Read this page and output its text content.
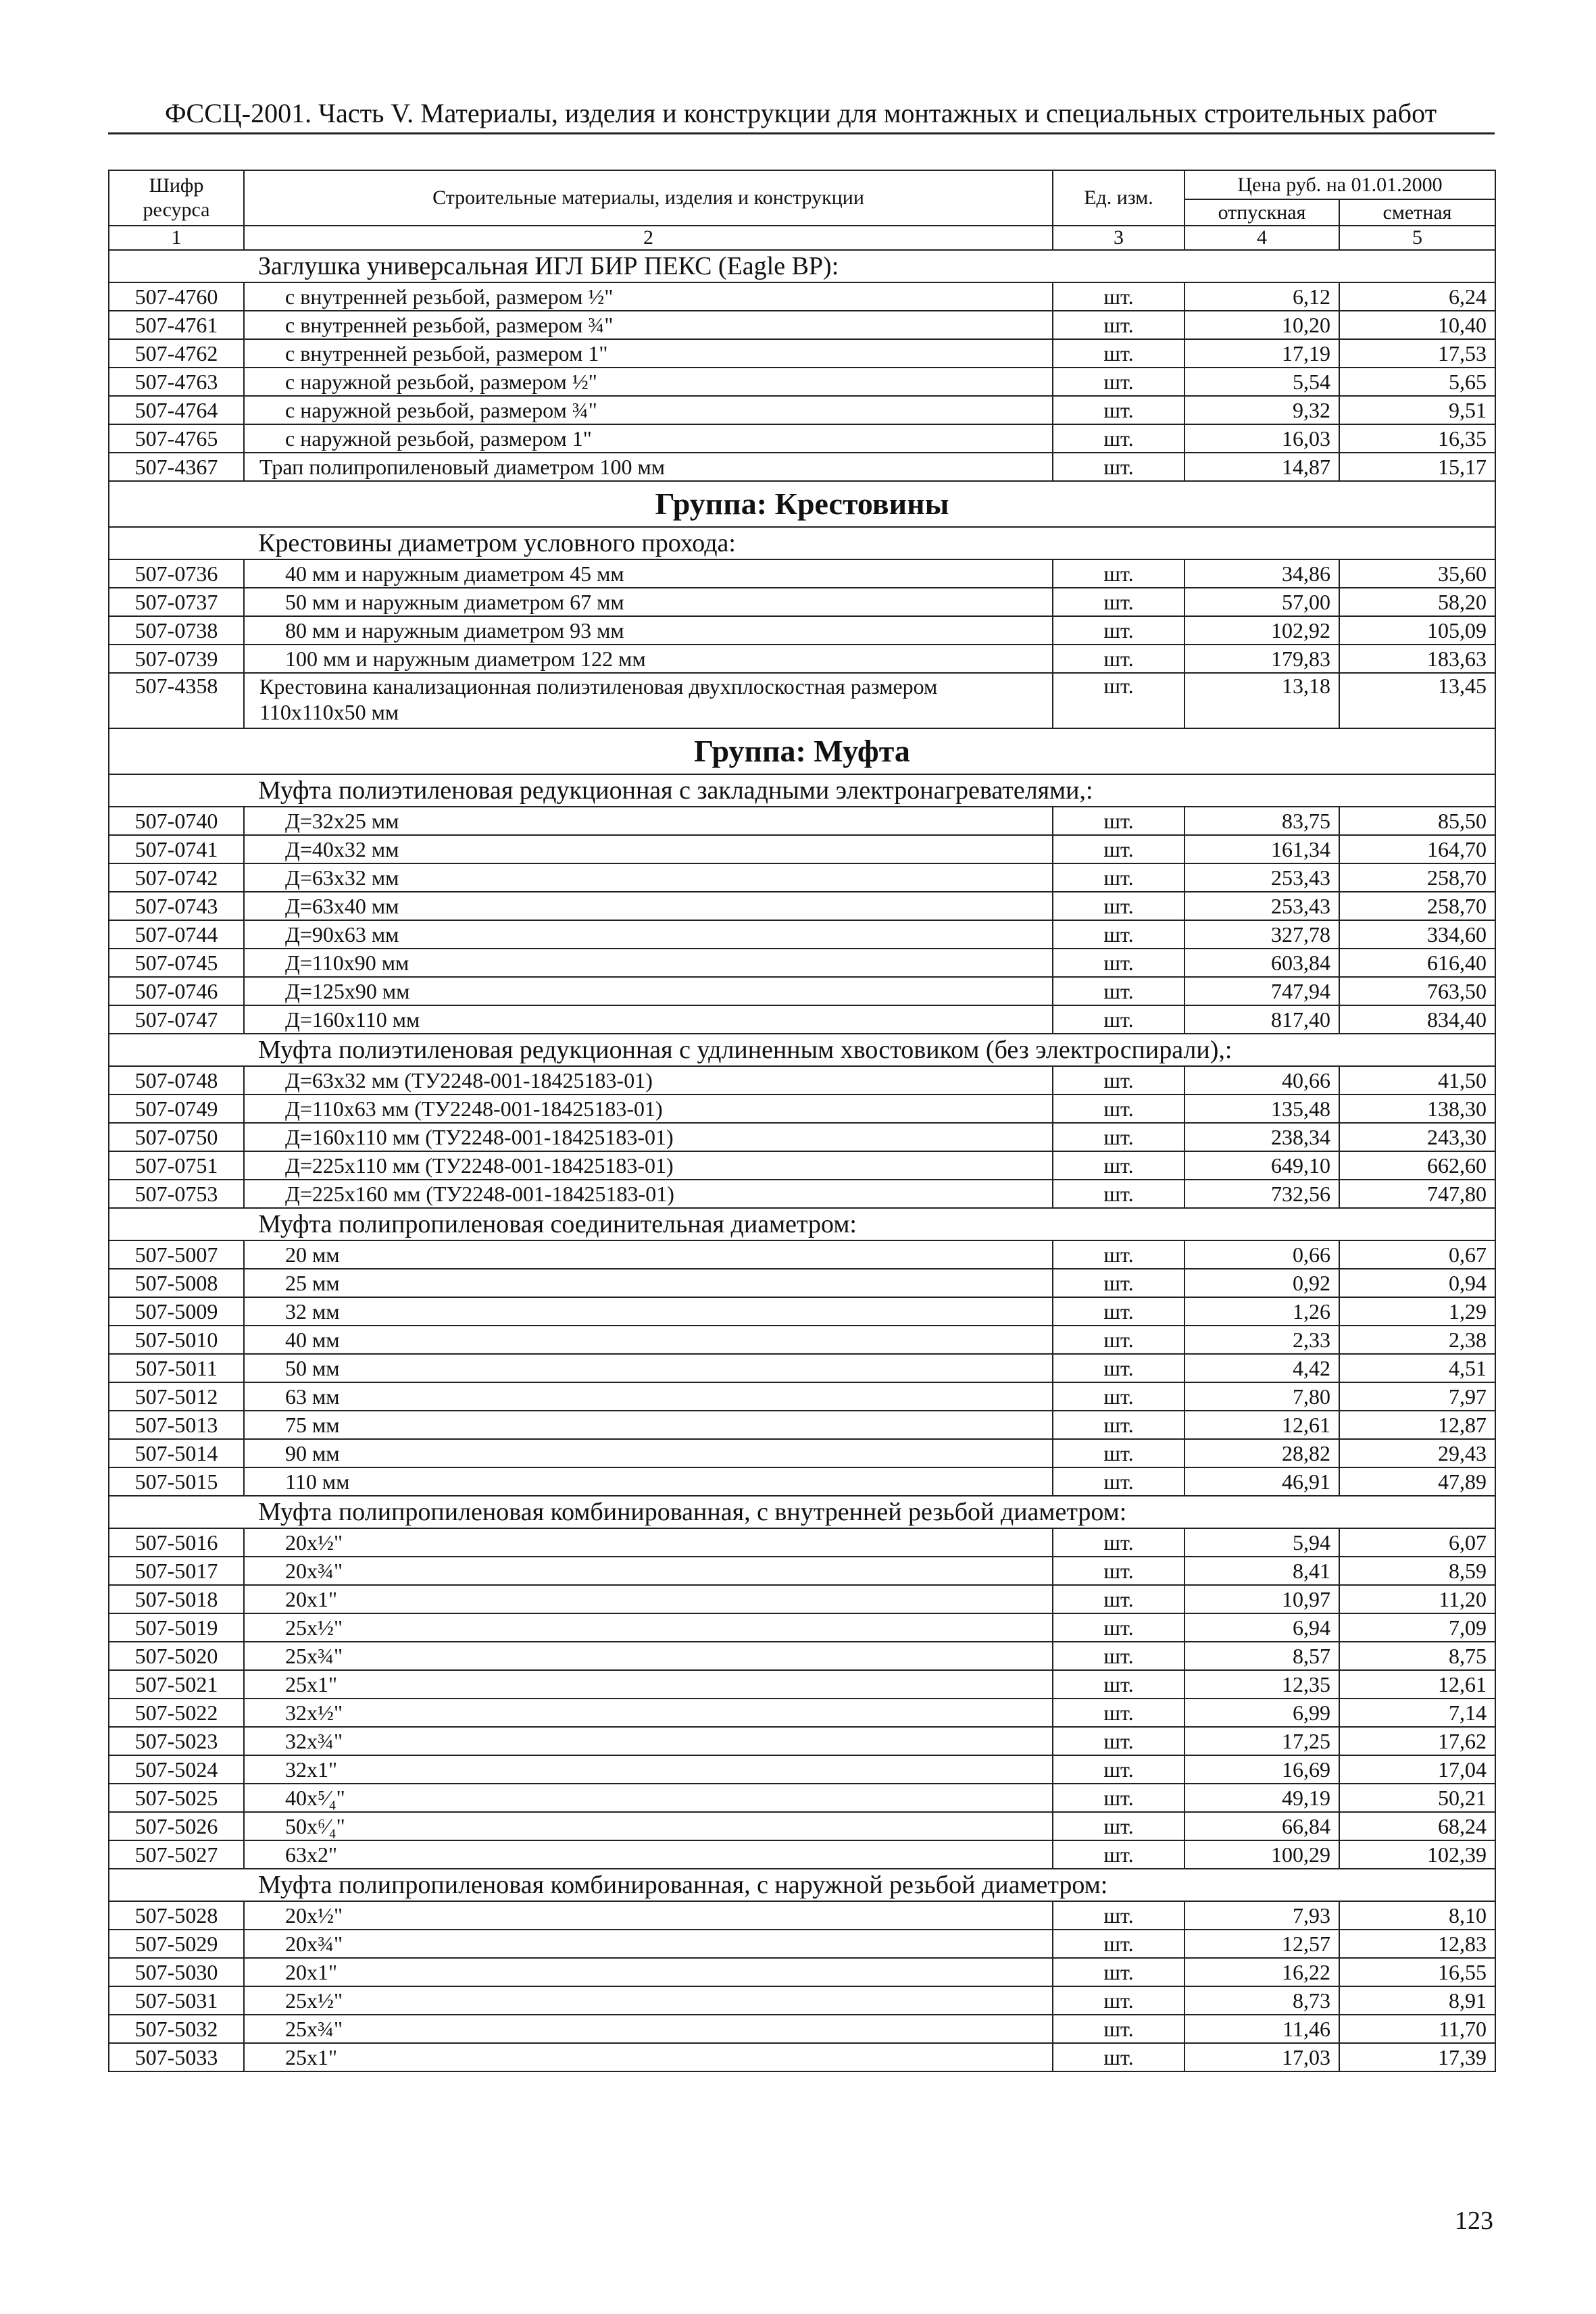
ФССЦ-2001. Часть V. Материалы, изделия и конструкции для монтажных и специальных строительных работ
Шифр ресурса	Строительные материалы, изделия и конструкции	Ед. изм.	Цена руб. на 01.01.2000	
			отпускная	сметная
1	2	3	4	5
Заглушка универсальная ИГЛ БИР ПЕКС (Eagle BP):				
507-4760	с внутренней резьбой, размером ½"	шт.	6,12	6,24
507-4761	с внутренней резьбой, размером ¾"	шт.	10,20	10,40
507-4762	с внутренней резьбой, размером 1"	шт.	17,19	17,53
507-4763	с наружной резьбой, размером ½"	шт.	5,54	5,65
507-4764	с наружной резьбой, размером ¾"	шт.	9,32	9,51
507-4765	с наружной резьбой, размером 1"	шт.	16,03	16,35
507-4367	Трап полипропиленовый диаметром 100 мм	шт.	14,87	15,17
Группа: Крестовины				
Крестовины диаметром условного прохода:				
507-0736	40 мм и наружным диаметром 45 мм	шт.	34,86	35,60
507-0737	50 мм и наружным диаметром 67 мм	шт.	57,00	58,20
507-0738	80 мм и наружным диаметром 93 мм	шт.	102,92	105,09
507-0739	100 мм и наружным диаметром 122 мм	шт.	179,83	183,63
507-4358	Крестовина канализационная полиэтиленовая двухплоскостная размером 110x110x50 мм	шт.	13,18	13,45
Группа: Муфта				
Муфта полиэтиленовая редукционная с закладными электронагревателями,:				
507-0740	Д=32x25 мм	шт.	83,75	85,50
507-0741	Д=40x32 мм	шт.	161,34	164,70
507-0742	Д=63x32 мм	шт.	253,43	258,70
507-0743	Д=63x40 мм	шт.	253,43	258,70
507-0744	Д=90x63 мм	шт.	327,78	334,60
507-0745	Д=110x90 мм	шт.	603,84	616,40
507-0746	Д=125x90 мм	шт.	747,94	763,50
507-0747	Д=160x110 мм	шт.	817,40	834,40
Муфта полиэтиленовая редукционная с удлиненным хвостовиком (без электроспирали),:				
507-0748	Д=63x32 мм (ТУ2248-001-18425183-01)	шт.	40,66	41,50
507-0749	Д=110x63 мм (ТУ2248-001-18425183-01)	шт.	135,48	138,30
507-0750	Д=160x110 мм (ТУ2248-001-18425183-01)	шт.	238,34	243,30
507-0751	Д=225x110 мм (ТУ2248-001-18425183-01)	шт.	649,10	662,60
507-0753	Д=225x160 мм (ТУ2248-001-18425183-01)	шт.	732,56	747,80
Муфта полипропиленовая соединительная диаметром:				
507-5007	20 мм	шт.	0,66	0,67
507-5008	25 мм	шт.	0,92	0,94
507-5009	32 мм	шт.	1,26	1,29
507-5010	40 мм	шт.	2,33	2,38
507-5011	50 мм	шт.	4,42	4,51
507-5012	63 мм	шт.	7,80	7,97
507-5013	75 мм	шт.	12,61	12,87
507-5014	90 мм	шт.	28,82	29,43
507-5015	110 мм	шт.	46,91	47,89
Муфта полипропиленовая комбинированная, с внутренней резьбой диаметром:				
507-5016	20x½"	шт.	5,94	6,07
507-5017	20x¾"	шт.	8,41	8,59
507-5018	20x1"	шт.	10,97	11,20
507-5019	25x½"	шт.	6,94	7,09
507-5020	25x¾"	шт.	8,57	8,75
507-5021	25x1"	шт.	12,35	12,61
507-5022	32x½"	шт.	6,99	7,14
507-5023	32x¾"	шт.	17,25	17,62
507-5024	32x1"	шт.	16,69	17,04
507-5025	40x⁵⁄₄"	шт.	49,19	50,21
507-5026	50x⁶⁄₄"	шт.	66,84	68,24
507-5027	63x2"	шт.	100,29	102,39
Муфта полипропиленовая комбинированная, с наружной резьбой диаметром:				
507-5028	20x½"	шт.	7,93	8,10
507-5029	20x¾"	шт.	12,57	12,83
507-5030	20x1"	шт.	16,22	16,55
507-5031	25x½"	шт.	8,73	8,91
507-5032	25x¾"	шт.	11,46	11,70
507-5033	25x1"	шт.	17,03	17,39
123
